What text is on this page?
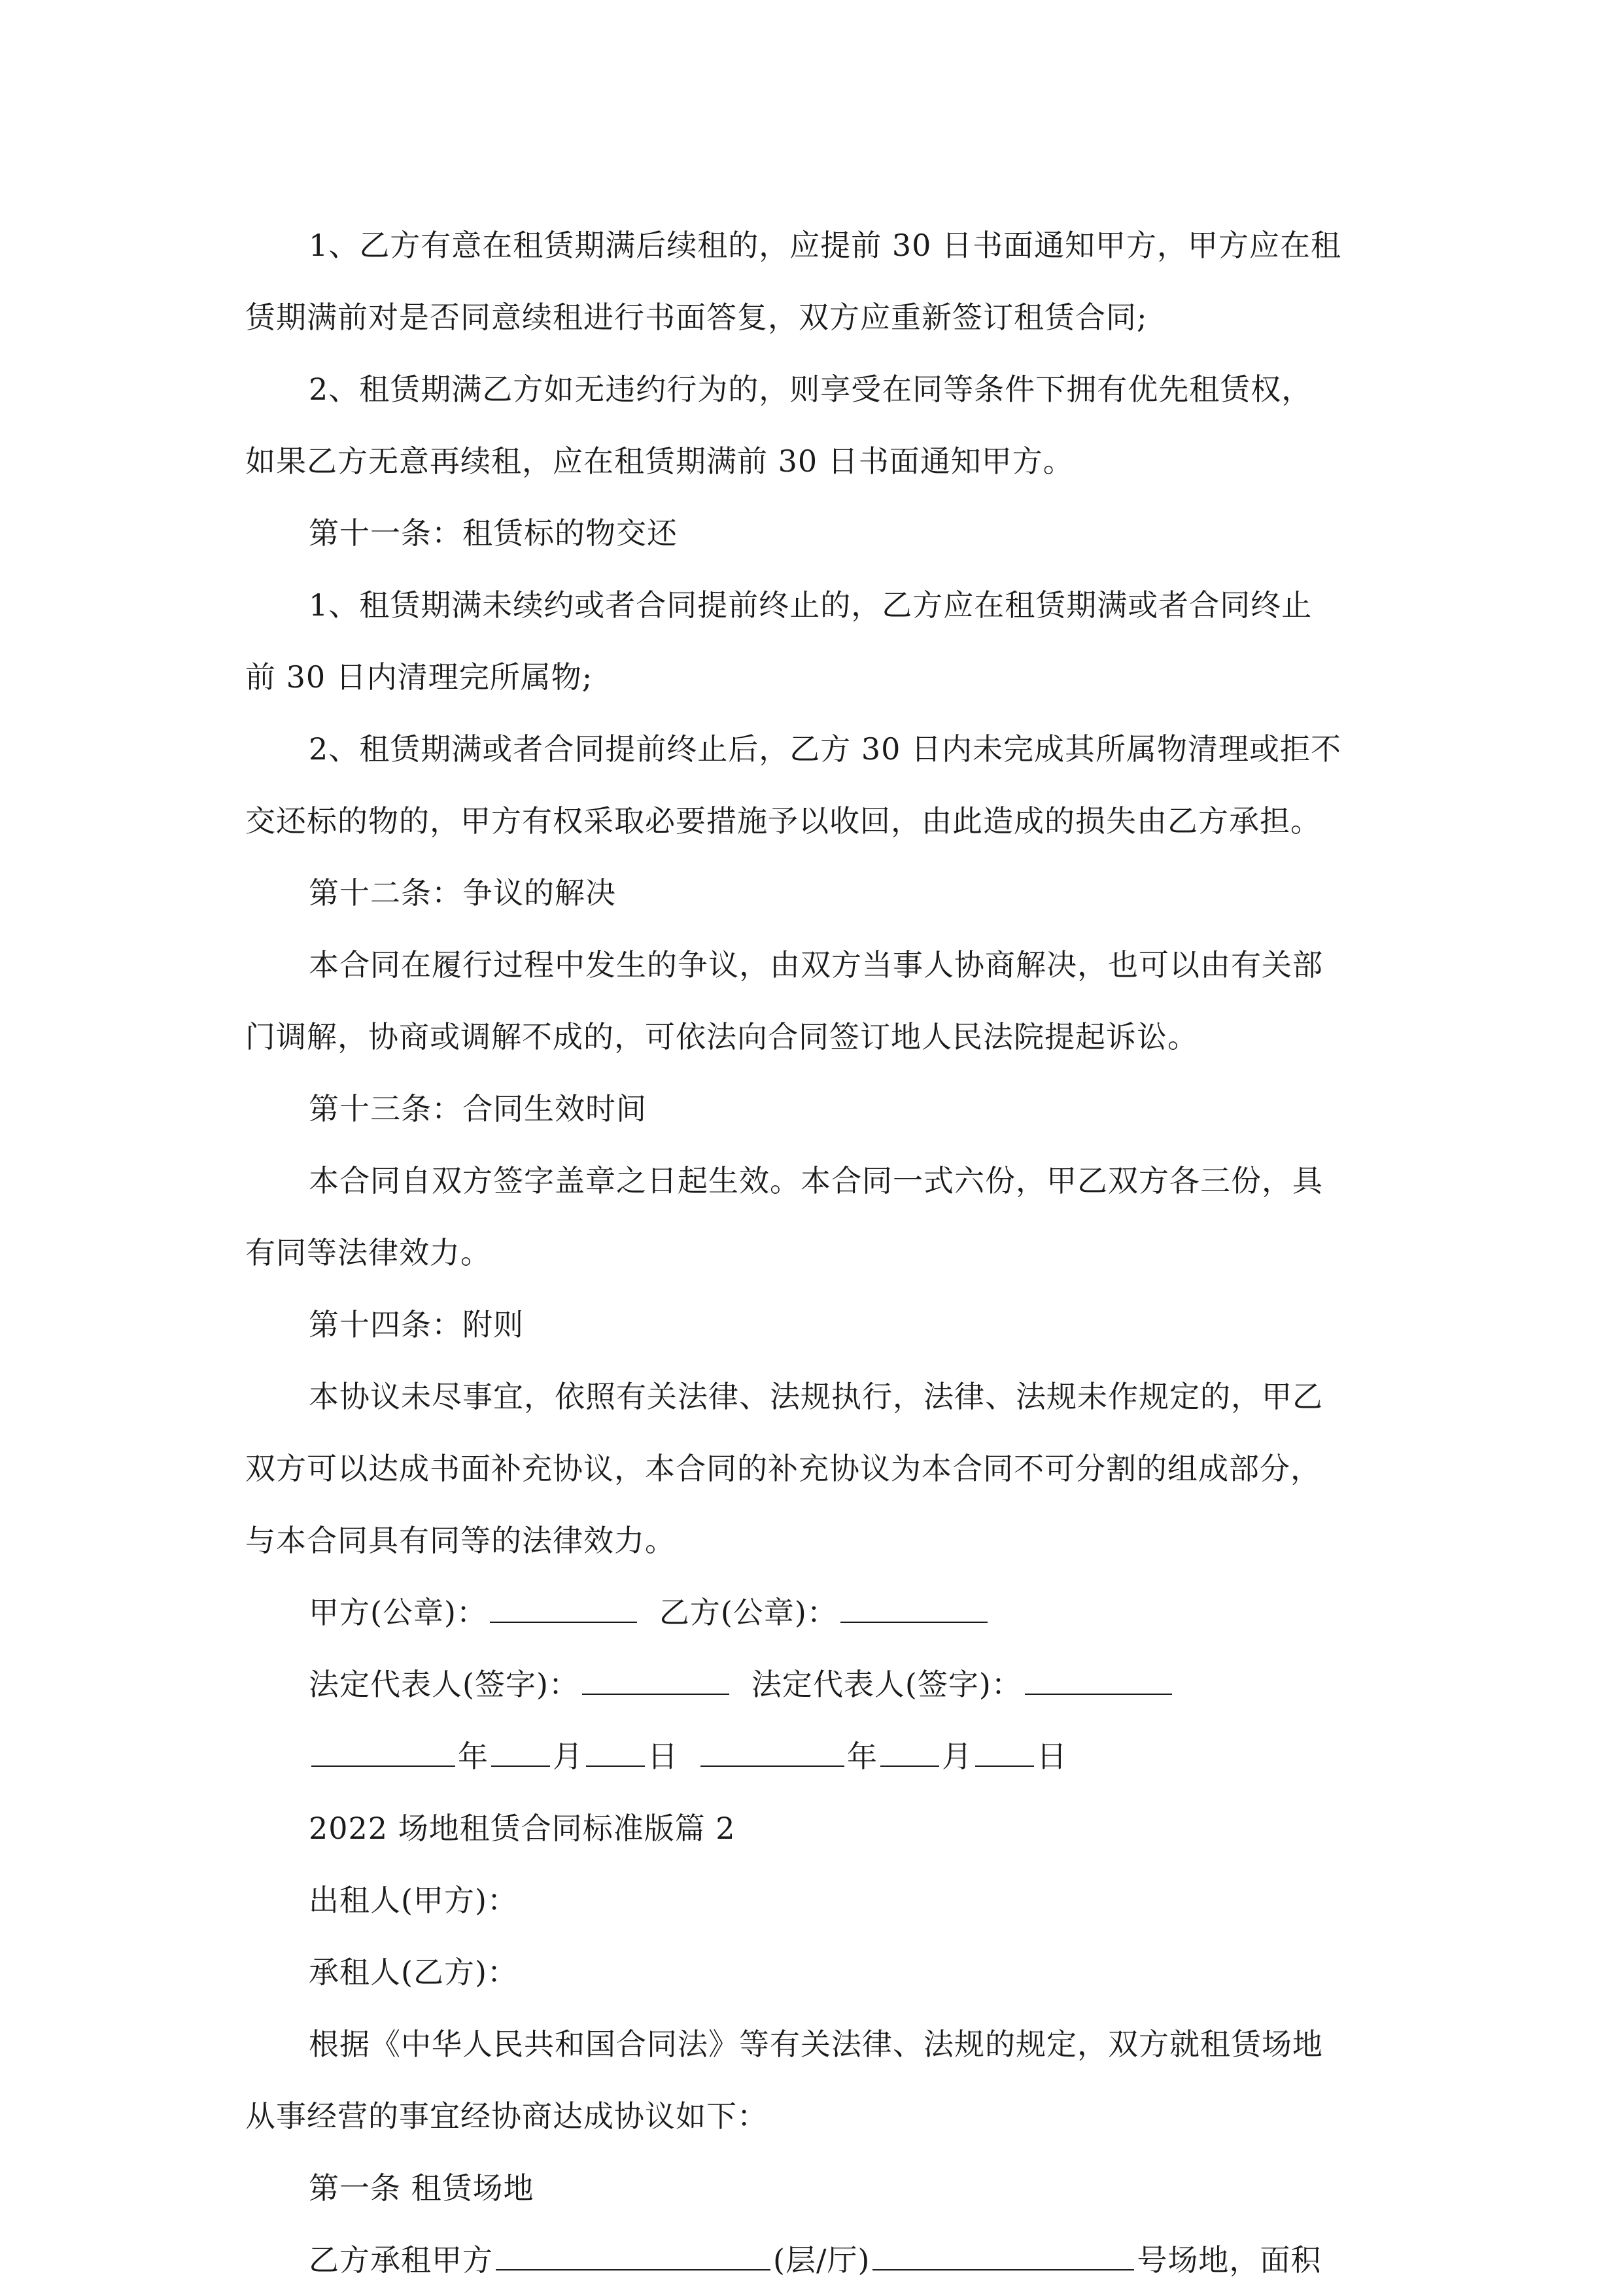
1、乙方有意在租赁期满后续租的，应提前 30 日书面通知甲方，甲方应在租

赁期满前对是否同意续租进行书面答复，双方应重新签订租赁合同;

2、租赁期满乙方如无违约行为的，则享受在同等条件下拥有优先租赁权，

如果乙方无意再续租，应在租赁期满前 30 日书面通知甲方。

第十一条：租赁标的物交还

1、租赁期满未续约或者合同提前终止的，乙方应在租赁期满或者合同终止

前 30 日内清理完所属物;

2、租赁期满或者合同提前终止后，乙方 30 日内未完成其所属物清理或拒不

交还标的物的，甲方有权采取必要措施予以收回，由此造成的损失由乙方承担。

第十二条：争议的解决

本合同在履行过程中发生的争议，由双方当事人协商解决，也可以由有关部

门调解，协商或调解不成的，可依法向合同签订地人民法院提起诉讼。

第十三条：合同生效时间

本合同自双方签字盖章之日起生效。本合同一式六份，甲乙双方各三份，具

有同等法律效力。

第十四条：附则

本协议未尽事宜，依照有关法律、法规执行，法律、法规未作规定的，甲乙

双方可以达成书面补充协议，本合同的补充协议为本合同不可分割的组成部分，

与本合同具有同等的法律效力。

甲方(公章)：	乙方(公章)：

法定代表人(签字)：	法定代表人(签字)：

年 月 日	年 月 日

2022 场地租赁合同标准版篇 2

出租人(甲方)：

承租人(乙方)：

根据《中华人民共和国合同法》等有关法律、法规的规定，双方就租赁场地

从事经营的事宜经协商达成协议如下：

第一条 租赁场地

乙方承租甲方	(层/厅)	号场地，面积
